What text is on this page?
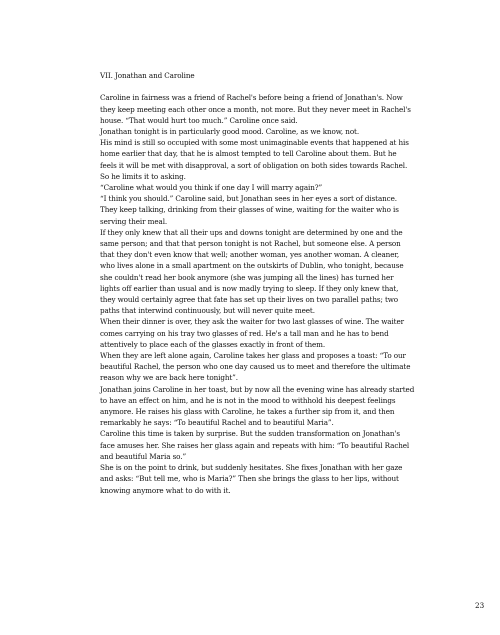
VII. Jonathan and Caroline

Caroline in fairness was a friend of Rachel's before being a friend of Jonathan's. Now they keep meeting each other once a month, not more. But they never meet in Rachel's house. “That would hurt too much.” Caroline once said.

Jonathan tonight is in particularly good mood. Caroline, as we know, not.

His mind is still so occupied with some most unimaginable events that happened at his home earlier that day, that he is almost tempted to tell Caroline about them. But he feels it will be met with disapproval, a sort of obligation on both sides towards Rachel. So he limits it to asking.

“Caroline what would you think if one day I will marry again?”

“I think you should.” Caroline said, but Jonathan sees in her eyes a sort of distance.

They keep talking, drinking from their glasses of wine, waiting for the waiter who is serving their meal.

If they only knew that all their ups and downs tonight are determined by one and the same person; and that that person tonight is not Rachel, but someone else. A person that they don't even know that well; another woman, yes another woman. A cleaner, who lives alone in a small apartment on the outskirts of Dublin, who tonight, because she couldn't read her book anymore (she was jumping all the lines) has turned her lights off earlier than usual and is now madly trying to sleep. If they only knew that, they would certainly agree that fate has set up their lives on two parallel paths; two paths that interwind continuously, but will never quite meet.

When their dinner is over, they ask the waiter for two last glasses of wine. The waiter comes carrying on his tray two glasses of red. He's a tall man and he has to bend attentively to place each of the glasses exactly in front of them.

When they are left alone again, Caroline takes her glass and proposes a toast: “To our beautiful Rachel, the person who one day caused us to meet and therefore the ultimate reason why we are back here tonight”.

Jonathan joins Caroline in her toast, but by now all the evening wine has already started to have an effect on him, and he is not in the mood to withhold his deepest feelings anymore. He raises his glass with Caroline, he takes a further sip from it, and then remarkably he says: “To beautiful Rachel and to beautiful Maria”.

Caroline this time is taken by surprise. But the sudden transformation on Jonathan's face amuses her. She raises her glass again and repeats with him: “To beautiful Rachel and beautiful Maria so.”

She is on the point to drink, but suddenly hesitates. She fixes Jonathan with her gaze and asks: “But tell me, who is Maria?” Then she brings the glass to her lips, without knowing anymore what to do with it.

23
